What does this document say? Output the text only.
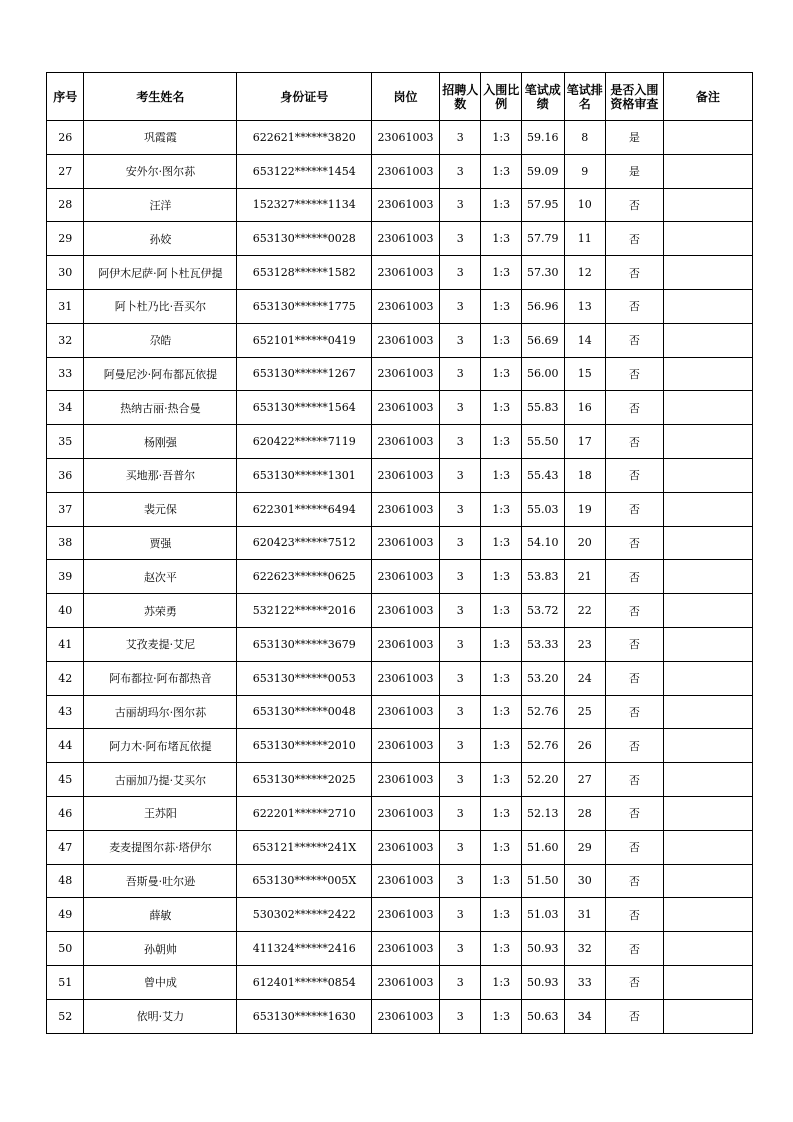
序号	考生姓名	身份证号	岗位	招聘人数	入围比例	笔试成绩	笔试排名	是否入围资格审查	备注
26	巩霞霞	622621******3820	23061003	3	1:3	59.16	8	是	
27	安外尔·图尔荪	653122******1454	23061003	3	1:3	59.09	9	是	
28	汪洋	152327******1134	23061003	3	1:3	57.95	10	否	
29	孙姣	653130******0028	23061003	3	1:3	57.79	11	否	
30	阿伊木尼萨·阿卜杜瓦伊提	653128******1582	23061003	3	1:3	57.30	12	否	
31	阿卜杜乃比·吾买尔	653130******1775	23061003	3	1:3	56.96	13	否	
32	尕皓	652101******0419	23061003	3	1:3	56.69	14	否	
33	阿曼尼沙·阿布都瓦依提	653130******1267	23061003	3	1:3	56.00	15	否	
34	热纳古丽·热合曼	653130******1564	23061003	3	1:3	55.83	16	否	
35	杨刚强	620422******7119	23061003	3	1:3	55.50	17	否	
36	买地那·吾普尔	653130******1301	23061003	3	1:3	55.43	18	否	
37	裴元保	622301******6494	23061003	3	1:3	55.03	19	否	
38	贾强	620423******7512	23061003	3	1:3	54.10	20	否	
39	赵次平	622623******0625	23061003	3	1:3	53.83	21	否	
40	苏荣勇	532122******2016	23061003	3	1:3	53.72	22	否	
41	艾孜麦提·艾尼	653130******3679	23061003	3	1:3	53.33	23	否	
42	阿布都拉·阿布都热音	653130******0053	23061003	3	1:3	53.20	24	否	
43	古丽胡玛尔·图尔荪	653130******0048	23061003	3	1:3	52.76	25	否	
44	阿力木·阿布堵瓦依提	653130******2010	23061003	3	1:3	52.76	26	否	
45	古丽加乃提·艾买尔	653130******2025	23061003	3	1:3	52.20	27	否	
46	王苏阳	622201******2710	23061003	3	1:3	52.13	28	否	
47	麦麦提图尔荪·塔伊尔	653121******241X	23061003	3	1:3	51.60	29	否	
48	吾斯曼·吐尔逊	653130******005X	23061003	3	1:3	51.50	30	否	
49	薛敏	530302******2422	23061003	3	1:3	51.03	31	否	
50	孙朝帅	411324******2416	23061003	3	1:3	50.93	32	否	
51	曾中成	612401******0854	23061003	3	1:3	50.93	33	否	
52	依明·艾力	653130******1630	23061003	3	1:3	50.63	34	否	
